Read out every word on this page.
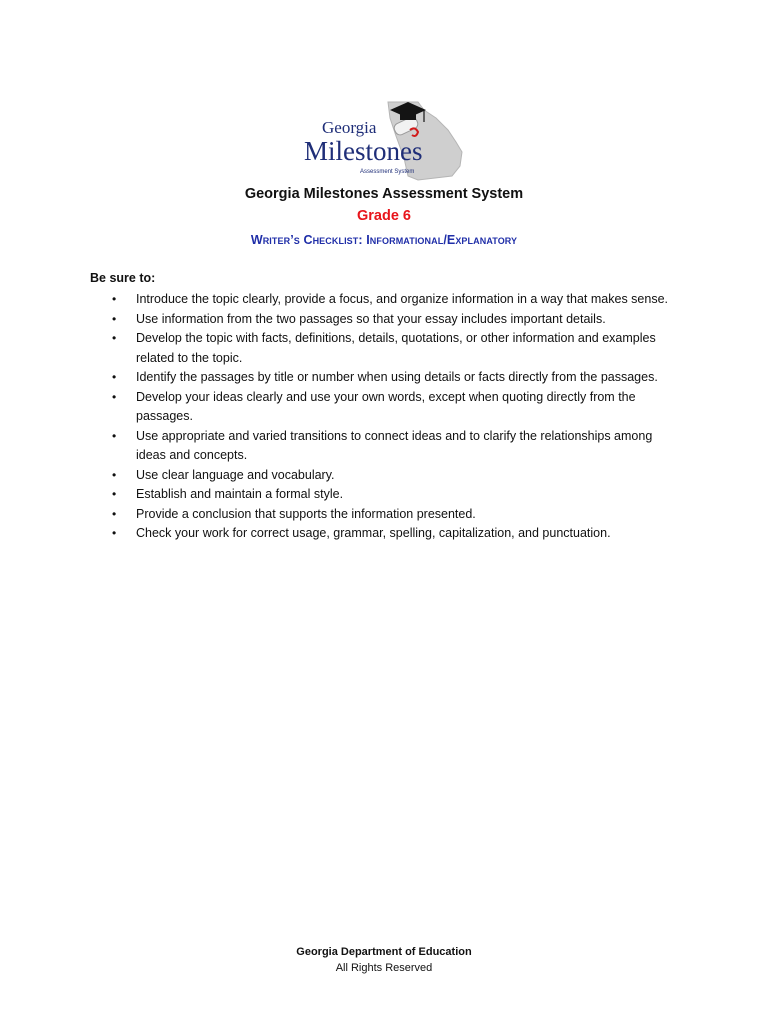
Georgia
Milestones
Assessment System
Georgia Milestones Assessment System
Grade 6
Writer’s Checklist: Informational/Explanatory
Be sure to:
• Introduce the topic clearly, provide a focus, and organize information in a way that makes sense.
• Use information from the two passages so that your essay includes important details.
• Develop the topic with facts, definitions, details, quotations, or other information and examples related to the topic.
• Identify the passages by title or number when using details or facts directly from the passages.
• Develop your ideas clearly and use your own words, except when quoting directly from the passages.
• Use appropriate and varied transitions to connect ideas and to clarify the relationships among ideas and concepts.
• Use clear language and vocabulary.
• Establish and maintain a formal style.
• Provide a conclusion that supports the information presented.
• Check your work for correct usage, grammar, spelling, capitalization, and punctuation.
Georgia Department of Education
All Rights Reserved
